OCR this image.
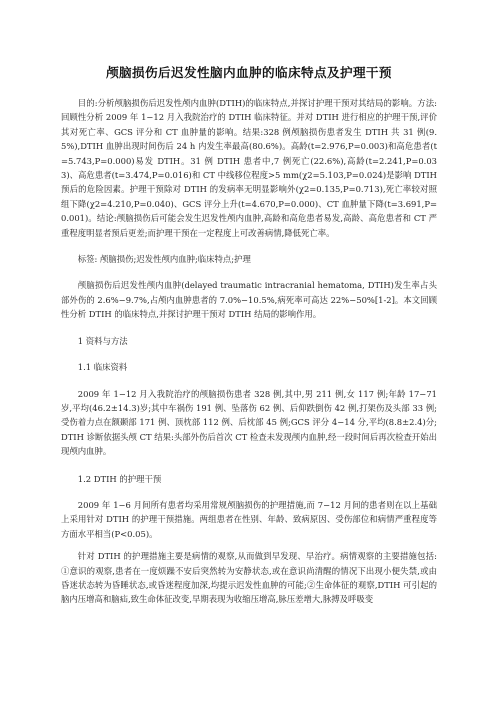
颅脑损伤后迟发性脑内血肿的临床特点及护理干预

目的:分析颅脑损伤后迟发性颅内血肿(DTIH)的临床特点,并探讨护理干预对其结局的影响。方法:回顾性分析 2009 年 1−12 月入我院治疗的 DTIH 临床特征。并对 DTIH 进行相应的护理干预,评价其对死亡率、GCS 评分和 CT 血肿量的影响。结果:328 例颅脑损伤患者发生 DTIH 共 31 例(9.5%),DTIH 血肿出现时间伤后 24 h 内发生率最高(80.6%)。高龄(t=2.976,P=0.003)和高危患者(t=5.743,P=0.000)易发 DTIH。31 例 DTIH 患者中,7 例死亡(22.6%),高龄(t=2.241,P=0.033)、高危患者(t=3.474,P=0.016)和 CT 中线移位程度>5 mm(χ2=5.103,P=0.024)是影响 DTIH 预后的危险因素。护理干预除对 DTIH 的发病率无明显影响外(χ2=0.135,P=0.713),死亡率较对照组下降(χ2=4.210,P=0.040)、GCS 评分上升(t=4.670,P=0.000)、CT 血肿量下降(t=3.691,P=0.001)。结论:颅脑损伤后可能会发生迟发性颅内血肿,高龄和高危患者易发,高龄、高危患者和 CT 严重程度明显者预后更差;而护理干预在一定程度上可改善病情,降低死亡率。

标签: 颅脑损伤;迟发性颅内血肿;临床特点;护理

颅脑损伤后迟发性颅内血肿(delayed traumatic intracranial hematoma, DTIH)发生率占头部外伤的 2.6%−9.7%,占颅内血肿患者的 7.0%−10.5%,病死率可高达 22%−50%[1-2]。本文回顾性分析 DTIH 的临床特点,并探讨护理干预对 DTIH 结局的影响作用。

1 资料与方法

1.1 临床资料

2009 年 1−12 月入我院治疗的颅脑损伤患者 328 例,其中,男 211 例,女 117 例;年龄 17−71 岁,平均(46.2±14.3)岁;其中车祸伤 191 例、坠落伤 62 例、后仰跌倒伤 42 例,打架伤及头部 33 例;受伤着力点在额颞部 171 例、顶枕部 112 例、后枕部 45 例;GCS 评分 4−14 分,平均(8.8±2.4)分;DTIH 诊断依据头颅 CT 结果:头部外伤后首次 CT 检查未发现颅内血肿,经一段时间后再次检查开始出现颅内血肿。

1.2 DTIH 的护理干预

2009 年 1−6 月间所有患者均采用常规颅脑损伤的护理措施,而 7−12 月间的患者则在以上基础上采用针对 DTIH 的护理干预措施。两组患者在性别、年龄、致病原因、受伤部位和病情严重程度等方面水平相当(P<0.05)。

针对 DTIH 的护理措施主要是病情的观察,从而做到早发现、早治疗。病情观察的主要措施包括:①意识的观察,患者在一度烦躁不安后突然转为安静状态,或在意识尚清醒的情况下出现小便失禁,或由昏迷状态转为昏睡状态,或昏迷程度加深,均提示迟发性血肿的可能;②生命体征的观察,DTIH 可引起的脑内压增高和脑疝,致生命体征改变,早期表现为收缩压增高,脉压差增大,脉搏及呼吸变
